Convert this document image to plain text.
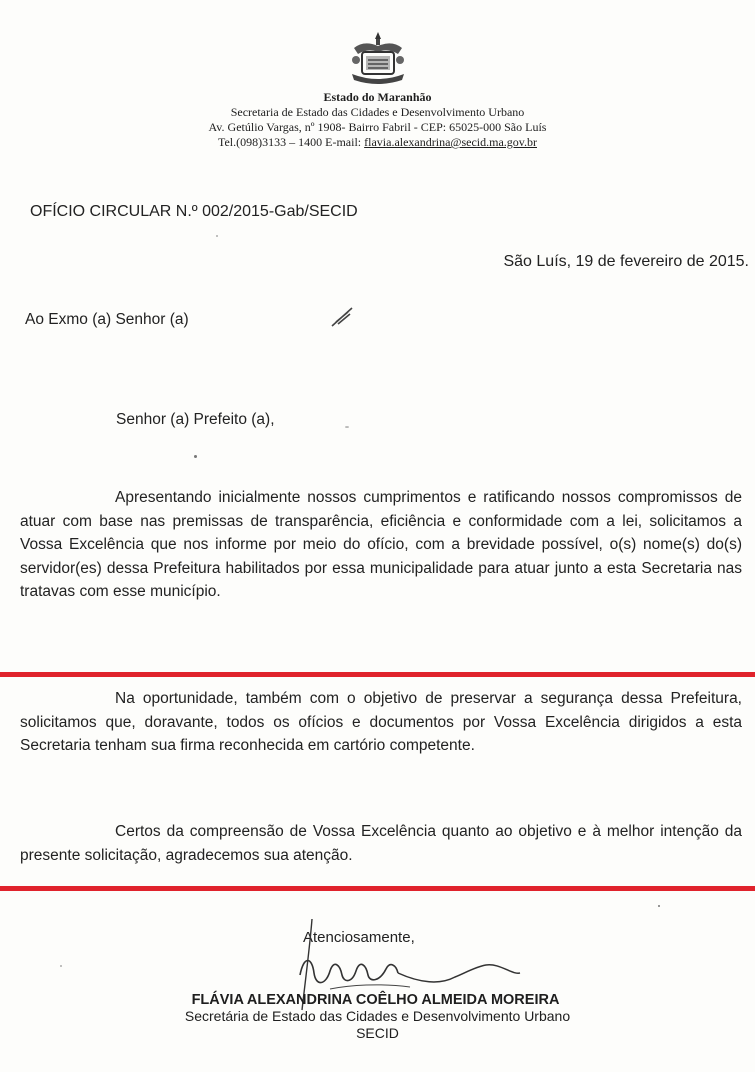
Estado do Maranhão
Secretaria de Estado das Cidades e Desenvolvimento Urbano
Av. Getúlio Vargas, nº 1908- Bairro Fabril - CEP: 65025-000 São Luís
Tel.(098)3133 – 1400 E-mail: flavia.alexandrina@secid.ma.gov.br
OFÍCIO CIRCULAR N.º 002/2015-Gab/SECID
São Luís, 19 de fevereiro de 2015.
Ao Exmo (a) Senhor (a)
Senhor (a) Prefeito (a),
Apresentando inicialmente nossos cumprimentos e ratificando nossos compromissos de atuar com base nas premissas de transparência, eficiência e conformidade com a lei, solicitamos a Vossa Excelência que nos informe por meio do ofício, com a brevidade possível, o(s) nome(s) do(s) servidor(es) dessa Prefeitura habilitados por essa municipalidade para atuar junto a esta Secretaria nas tratavas com esse município.
Na oportunidade, também com o objetivo de preservar a segurança dessa Prefeitura, solicitamos que, doravante, todos os ofícios e documentos por Vossa Excelência dirigidos a esta Secretaria tenham sua firma reconhecida em cartório competente.
Certos da compreensão de Vossa Excelência quanto ao objetivo e à melhor intenção da presente solicitação, agradecemos sua atenção.
Atenciosamente,
FLÁVIA ALEXANDRINA COÊLHO ALMEIDA MOREIRA
Secretária de Estado das Cidades e Desenvolvimento Urbano
SECID
